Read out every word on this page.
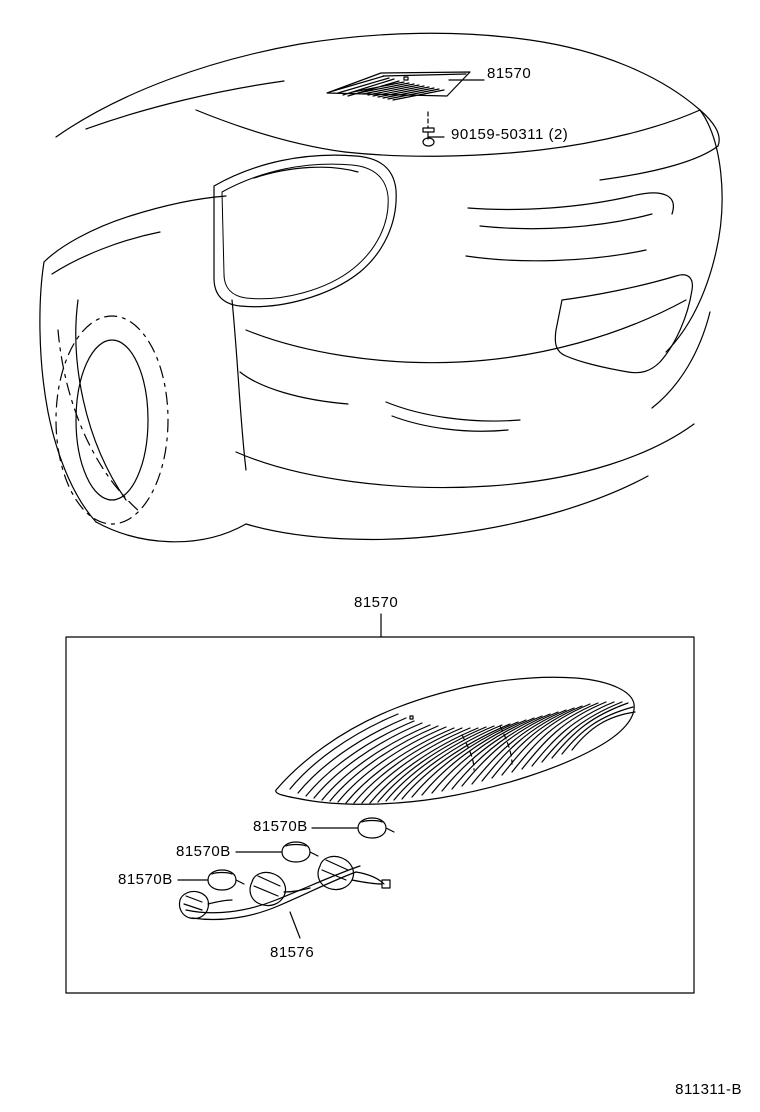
81570
90159-50311 (2)
81570
81570B
81570B
81570B
81576
811311-B
